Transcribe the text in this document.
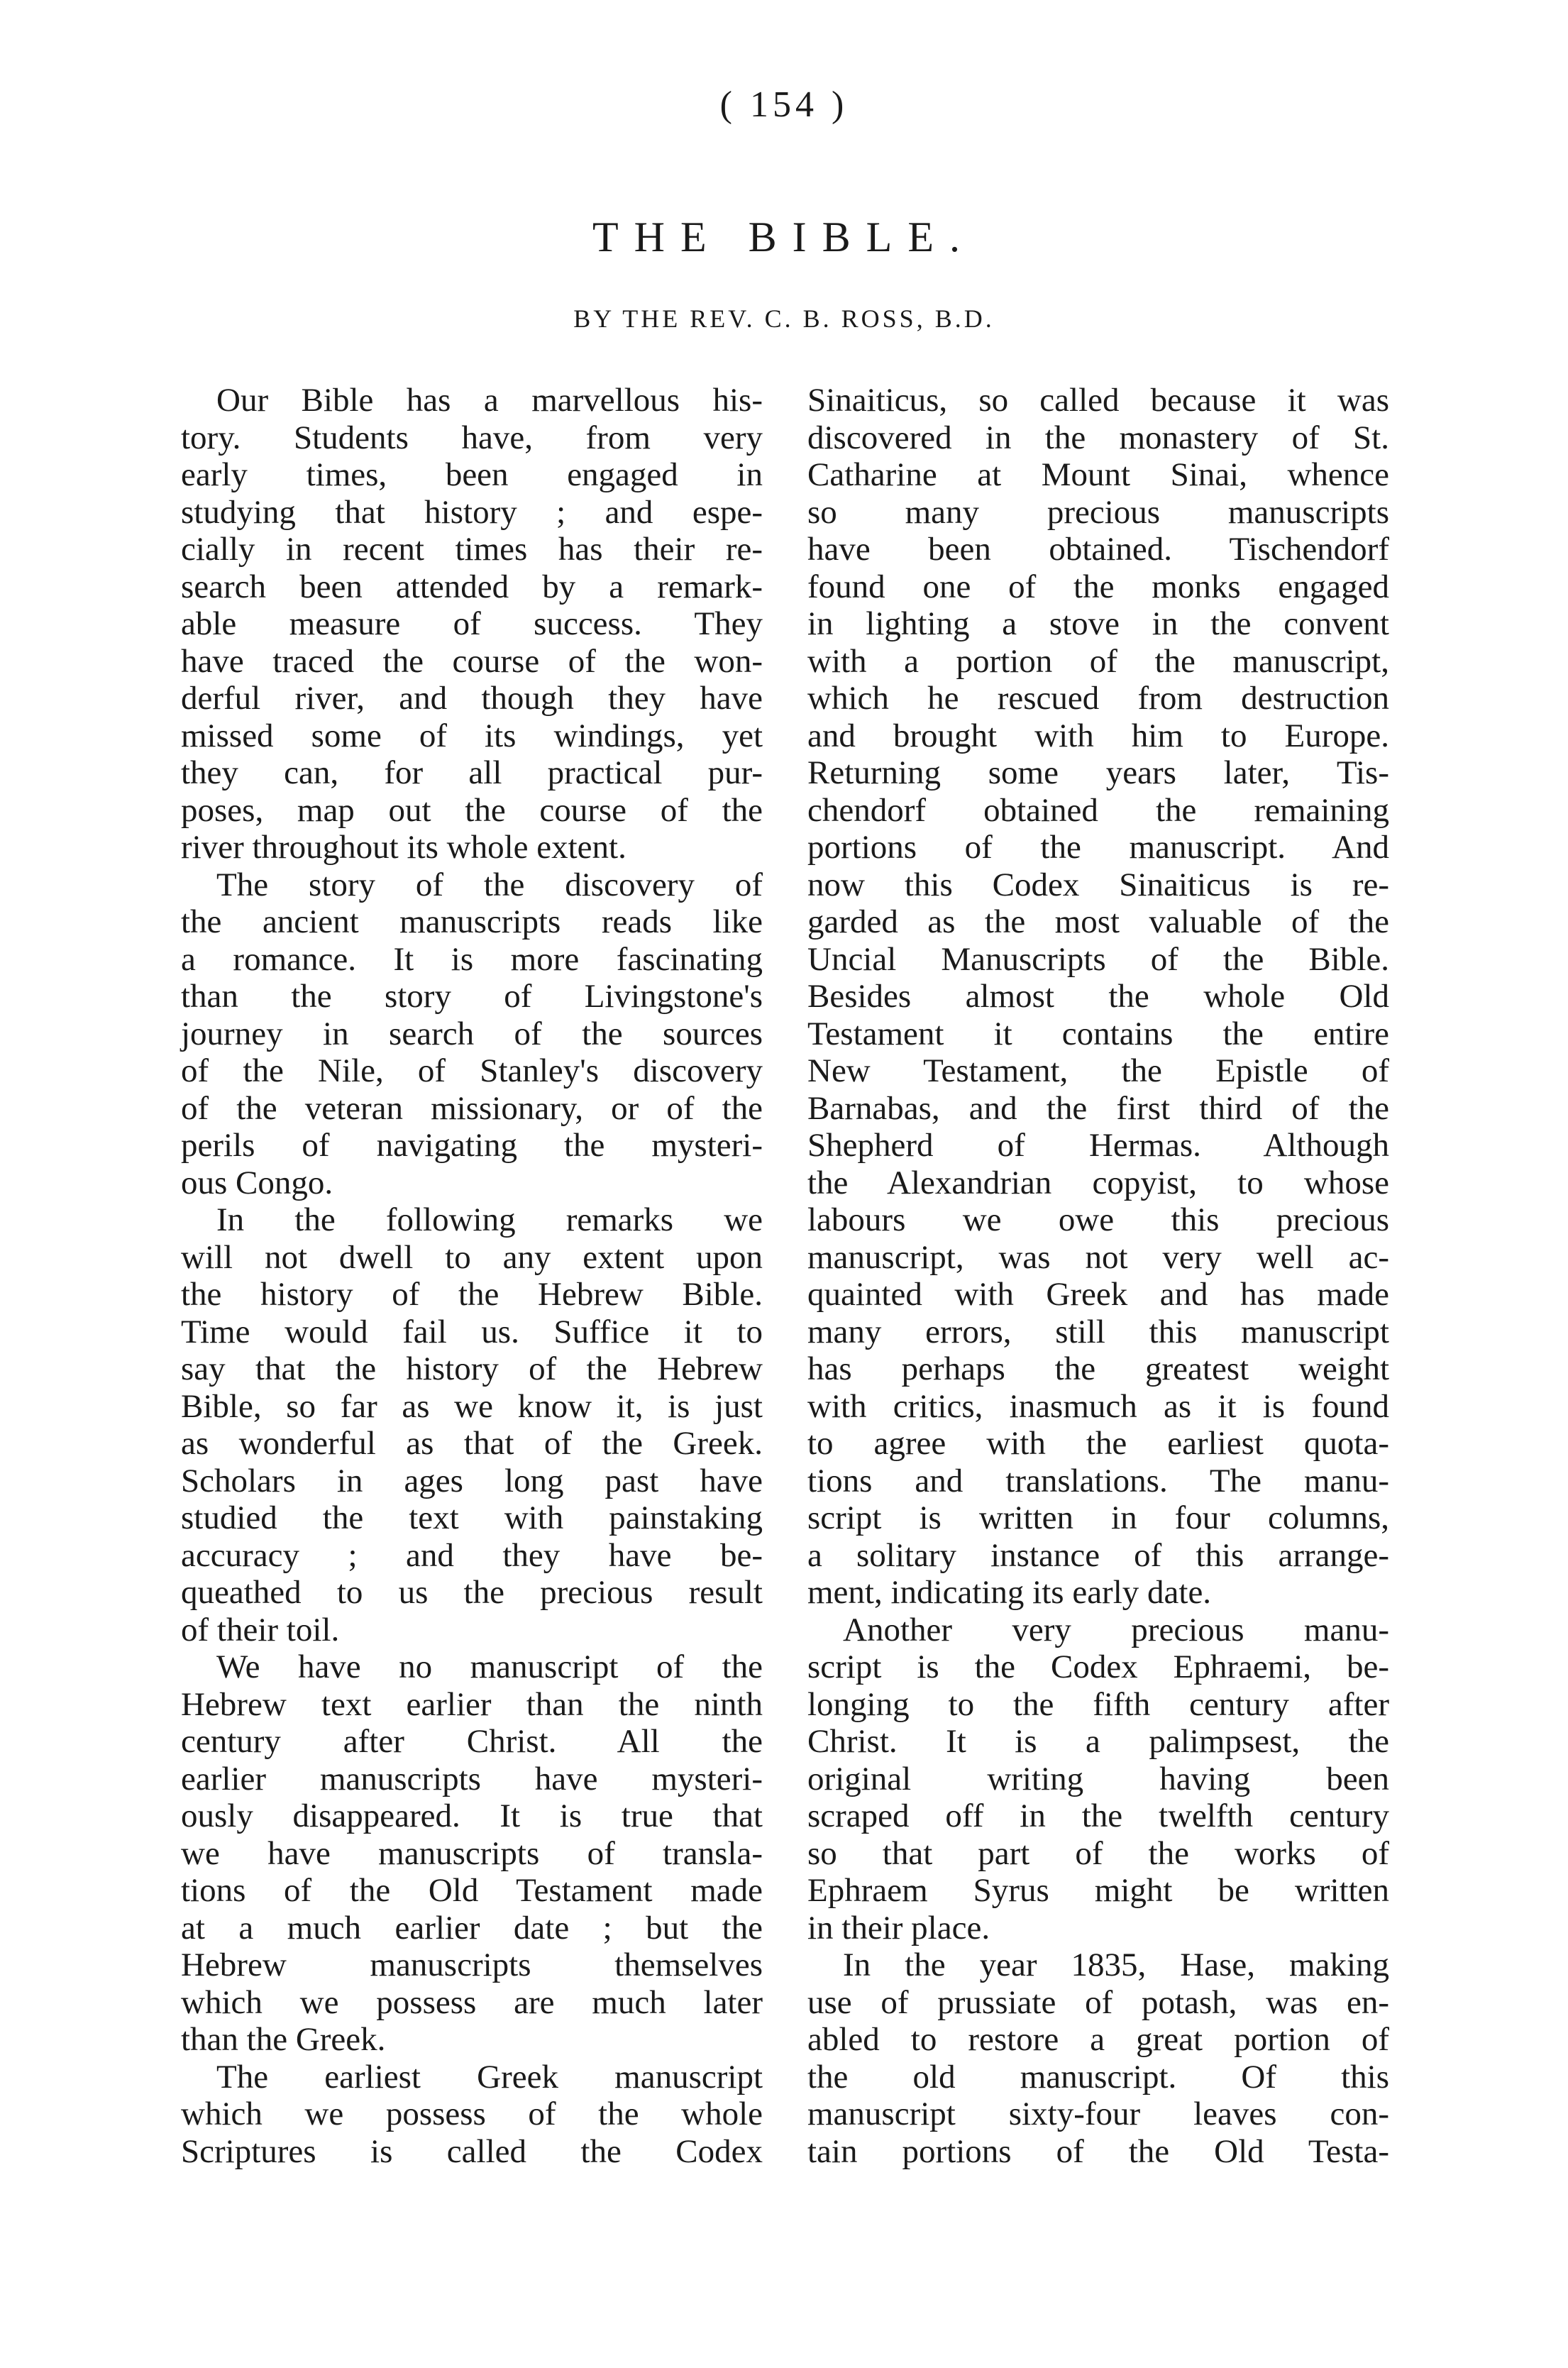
( 154 )
THE BIBLE.
BY THE REV. C. B. ROSS, B.D.
Our Bible has a marvellous his-
tory. Students have, from very
early times, been engaged in
studying that history ; and espe-
cially in recent times has their re-
search been attended by a remark-
able measure of success. They
have traced the course of the won-
derful river, and though they have
missed some of its windings, yet
they can, for all practical pur-
poses, map out the course of the
river throughout its whole extent.
The story of the discovery of
the ancient manuscripts reads like
a romance. It is more fascinating
than the story of Livingstone's
journey in search of the sources
of the Nile, of Stanley's discovery
of the veteran missionary, or of the
perils of navigating the mysteri-
ous Congo.
In the following remarks we
will not dwell to any extent upon
the history of the Hebrew Bible.
Time would fail us. Suffice it to
say that the history of the Hebrew
Bible, so far as we know it, is just
as wonderful as that of the Greek.
Scholars in ages long past have
studied the text with painstaking
accuracy ; and they have be-
queathed to us the precious result
of their toil.
We have no manuscript of the
Hebrew text earlier than the ninth
century after Christ. All the
earlier manuscripts have mysteri-
ously disappeared. It is true that
we have manuscripts of transla-
tions of the Old Testament made
at a much earlier date ; but the
Hebrew manuscripts themselves
which we possess are much later
than the Greek.
The earliest Greek manuscript
which we possess of the whole
Scriptures is called the Codex
Sinaiticus, so called because it was
discovered in the monastery of St.
Catharine at Mount Sinai, whence
so many precious manuscripts
have been obtained. Tischendorf
found one of the monks engaged
in lighting a stove in the convent
with a portion of the manuscript,
which he rescued from destruction
and brought with him to Europe.
Returning some years later, Tis-
chendorf obtained the remaining
portions of the manuscript. And
now this Codex Sinaiticus is re-
garded as the most valuable of the
Uncial Manuscripts of the Bible.
Besides almost the whole Old
Testament it contains the entire
New Testament, the Epistle of
Barnabas, and the first third of the
Shepherd of Hermas. Although
the Alexandrian copyist, to whose
labours we owe this precious
manuscript, was not very well ac-
quainted with Greek and has made
many errors, still this manuscript
has perhaps the greatest weight
with critics, inasmuch as it is found
to agree with the earliest quota-
tions and translations. The manu-
script is written in four columns,
a solitary instance of this arrange-
ment, indicating its early date.
Another very precious manu-
script is the Codex Ephraemi, be-
longing to the fifth century after
Christ. It is a palimpsest, the
original writing having been
scraped off in the twelfth century
so that part of the works of
Ephraem Syrus might be written
in their place.
In the year 1835, Hase, making
use of prussiate of potash, was en-
abled to restore a great portion of
the old manuscript. Of this
manuscript sixty-four leaves con-
tain portions of the Old Testa-
